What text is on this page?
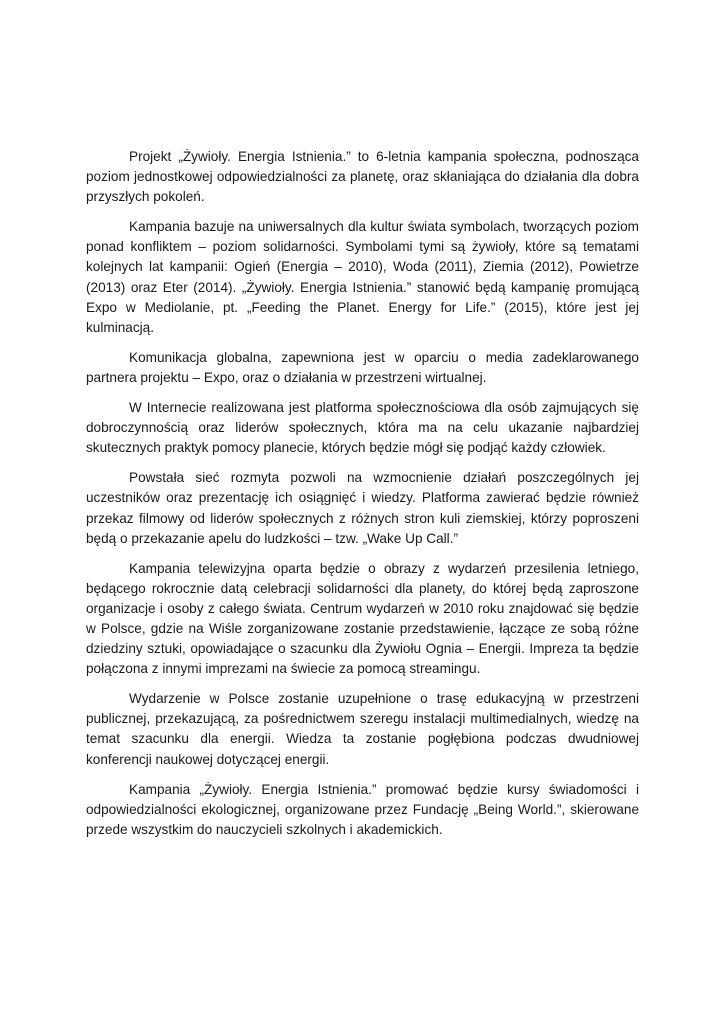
Projekt „Żywioły. Energia Istnienia.” to 6-letnia kampania społeczna, podnosząca poziom jednostkowej odpowiedzialności za planetę, oraz skłaniająca do działania dla dobra przyszłych pokoleń.

Kampania bazuje na uniwersalnych dla kultur świata symbolach, tworzących poziom ponad konfliktem – poziom solidarności. Symbolami tymi są żywioły, które są tematami kolejnych lat kampanii: Ogień (Energia – 2010), Woda (2011), Ziemia (2012), Powietrze (2013) oraz Eter (2014). „Żywioły. Energia Istnienia.” stanowić będą kampanię promującą Expo w Mediolanie, pt. „Feeding the Planet. Energy for Life.” (2015), które jest jej kulminacją.

Komunikacja globalna, zapewniona jest w oparciu o media zadeklarowanego partnera projektu – Expo, oraz o działania w przestrzeni wirtualnej.

W Internecie realizowana jest platforma społecznościowa dla osób zajmujących się dobroczynnością oraz liderów społecznych, która ma na celu ukazanie najbardziej skutecznych praktyk pomocy planecie, których będzie mógł się podjąć każdy człowiek.

Powstała sieć rozmyta pozwoli na wzmocnienie działań poszczególnych jej uczestników oraz prezentację ich osiągnięć i wiedzy. Platforma zawierać będzie również przekaz filmowy od liderów społecznych z różnych stron kuli ziemskiej, którzy poproszeni będą o przekazanie apelu do ludzkości – tzw. „Wake Up Call.”

Kampania telewizyjna oparta będzie o obrazy z wydarzeń przesilenia letniego, będącego rokrocznie datą celebracji solidarności dla planety, do której będą zaproszone organizacje i osoby z całego świata. Centrum wydarzeń w 2010 roku znajdować się będzie w Polsce, gdzie na Wiśle zorganizowane zostanie przedstawienie, łączące ze sobą różne dziedziny sztuki, opowiadające o szacunku dla Żywiołu Ognia – Energii. Impreza ta będzie połączona z innymi imprezami na świecie za pomocą streamingu.

Wydarzenie w Polsce zostanie uzupełnione o trasę edukacyjną w przestrzeni publicznej, przekazującą, za pośrednictwem szeregu instalacji multimedialnych, wiedzę na temat szacunku dla energii. Wiedza ta zostanie pogłębiona podczas dwudniowej konferencji naukowej dotyczącej energii.

Kampania „Żywioły. Energia Istnienia.” promować będzie kursy świadomości i odpowiedzialności ekologicznej, organizowane przez Fundację „Being World.”, skierowane przede wszystkim do nauczycieli szkolnych i akademickich.
